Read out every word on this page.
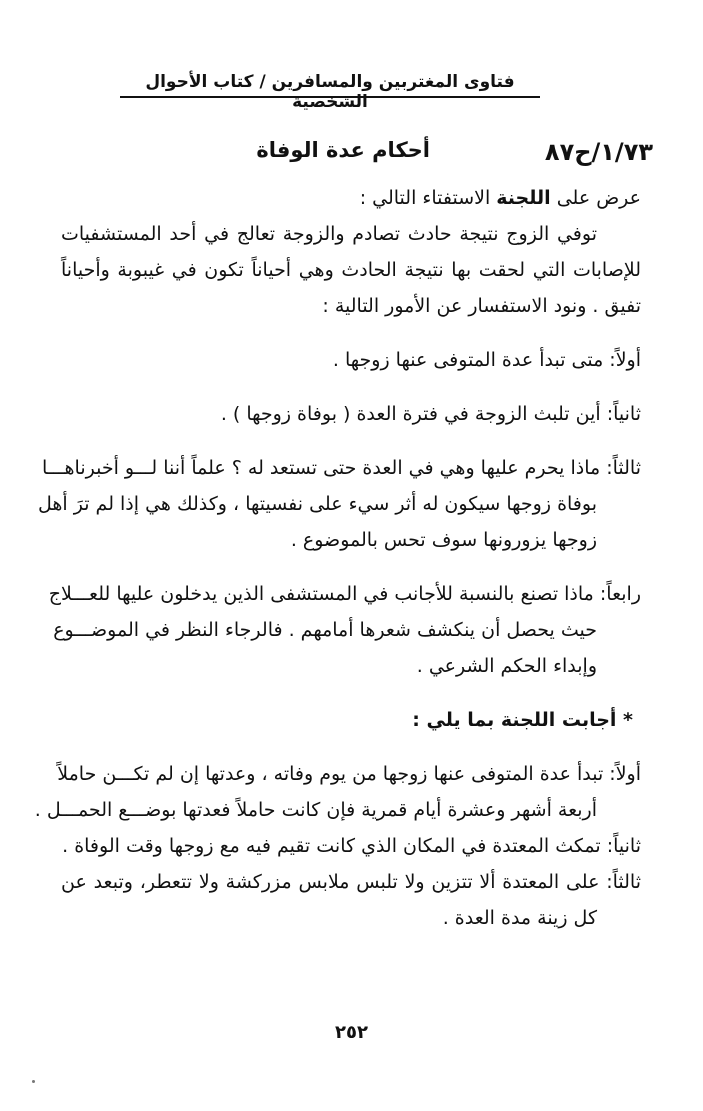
فتاوى المغتربين والمسافرين / كتاب الأحوال الشخصية
١/٧٣/ح٨٧
أحكام عدة الوفاة
عرض على اللجنة الاستفتاء التالي :
توفي الزوج نتيجة حادث تصادم والزوجة تعالج في أحد المستشفيات
للإصابات التي لحقت بها نتيجة الحادث وهي أحياناً تكون في غيبوبة وأحياناً
تفيق . ونود الاستفسار عن الأمور التالية :
أولاً: متى تبدأ عدة المتوفى عنها زوجها .
ثانياً: أين تلبث الزوجة في فترة العدة ( بوفاة زوجها ) .
ثالثاً: ماذا يحرم عليها وهي في العدة حتى تستعد له ؟ علماً أننا لـــو أخبرناهـــا
بوفاة زوجها سيكون له أثر سيء على نفسيتها ، وكذلك هي إذا لم ترَ أهل
زوجها يزورونها سوف تحس بالموضوع .
رابعاً: ماذا تصنع بالنسبة للأجانب في المستشفى الذين يدخلون عليها للعـــلاج
حيث يحصل أن ينكشف شعرها أمامهم . فالرجاء النظر في الموضـــوع
وإبداء الحكم الشرعي .
* أجابت اللجنة بما يلي :
أولاً: تبدأ عدة المتوفى عنها زوجها من يوم وفاته ، وعدتها إن لم تكـــن حاملاً
أربعة أشهر وعشرة أيام قمرية فإن كانت حاملاً فعدتها بوضـــع الحمـــل .
ثانياً: تمكث المعتدة في المكان الذي كانت تقيم فيه مع زوجها وقت الوفاة .
ثالثاً: على المعتدة ألا تتزين ولا تلبس ملابس مزركشة ولا تتعطر، وتبعد عن
كل زينة مدة العدة .
٢٥٢
